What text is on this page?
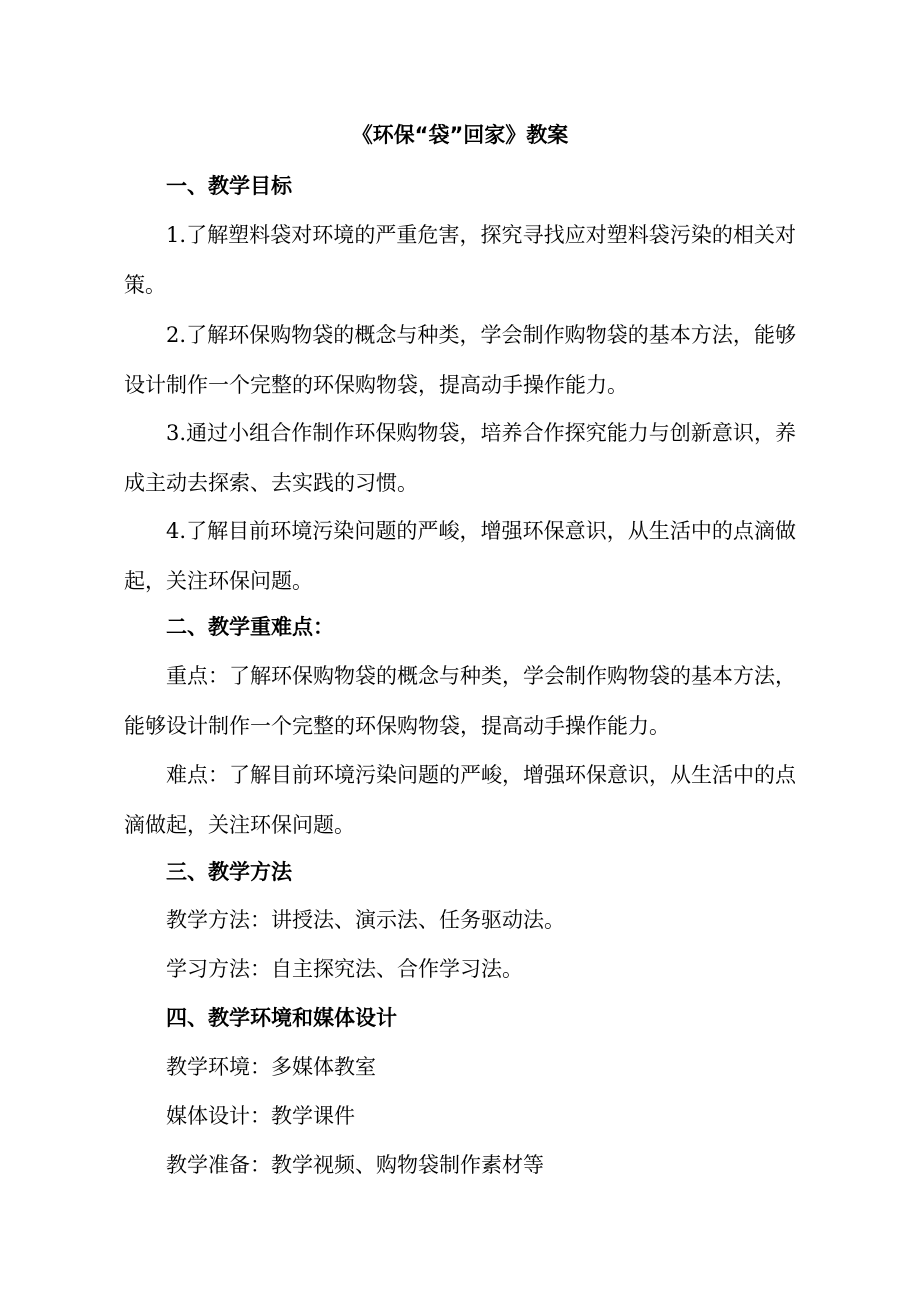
《环保“袋”回家》教案
一、教学目标
1.了解塑料袋对环境的严重危害，探究寻找应对塑料袋污染的相关对策。
2.了解环保购物袋的概念与种类，学会制作购物袋的基本方法，能够设计制作一个完整的环保购物袋，提高动手操作能力。
3.通过小组合作制作环保购物袋，培养合作探究能力与创新意识，养成主动去探索、去实践的习惯。
4.了解目前环境污染问题的严峻，增强环保意识，从生活中的点滴做起，关注环保问题。
二、教学重难点：
重点：了解环保购物袋的概念与种类，学会制作购物袋的基本方法，能够设计制作一个完整的环保购物袋，提高动手操作能力。
难点：了解目前环境污染问题的严峻，增强环保意识，从生活中的点滴做起，关注环保问题。
三、教学方法
教学方法：讲授法、演示法、任务驱动法。
学习方法：自主探究法、合作学习法。
四、教学环境和媒体设计
教学环境：多媒体教室
媒体设计：教学课件
教学准备：教学视频、购物袋制作素材等
